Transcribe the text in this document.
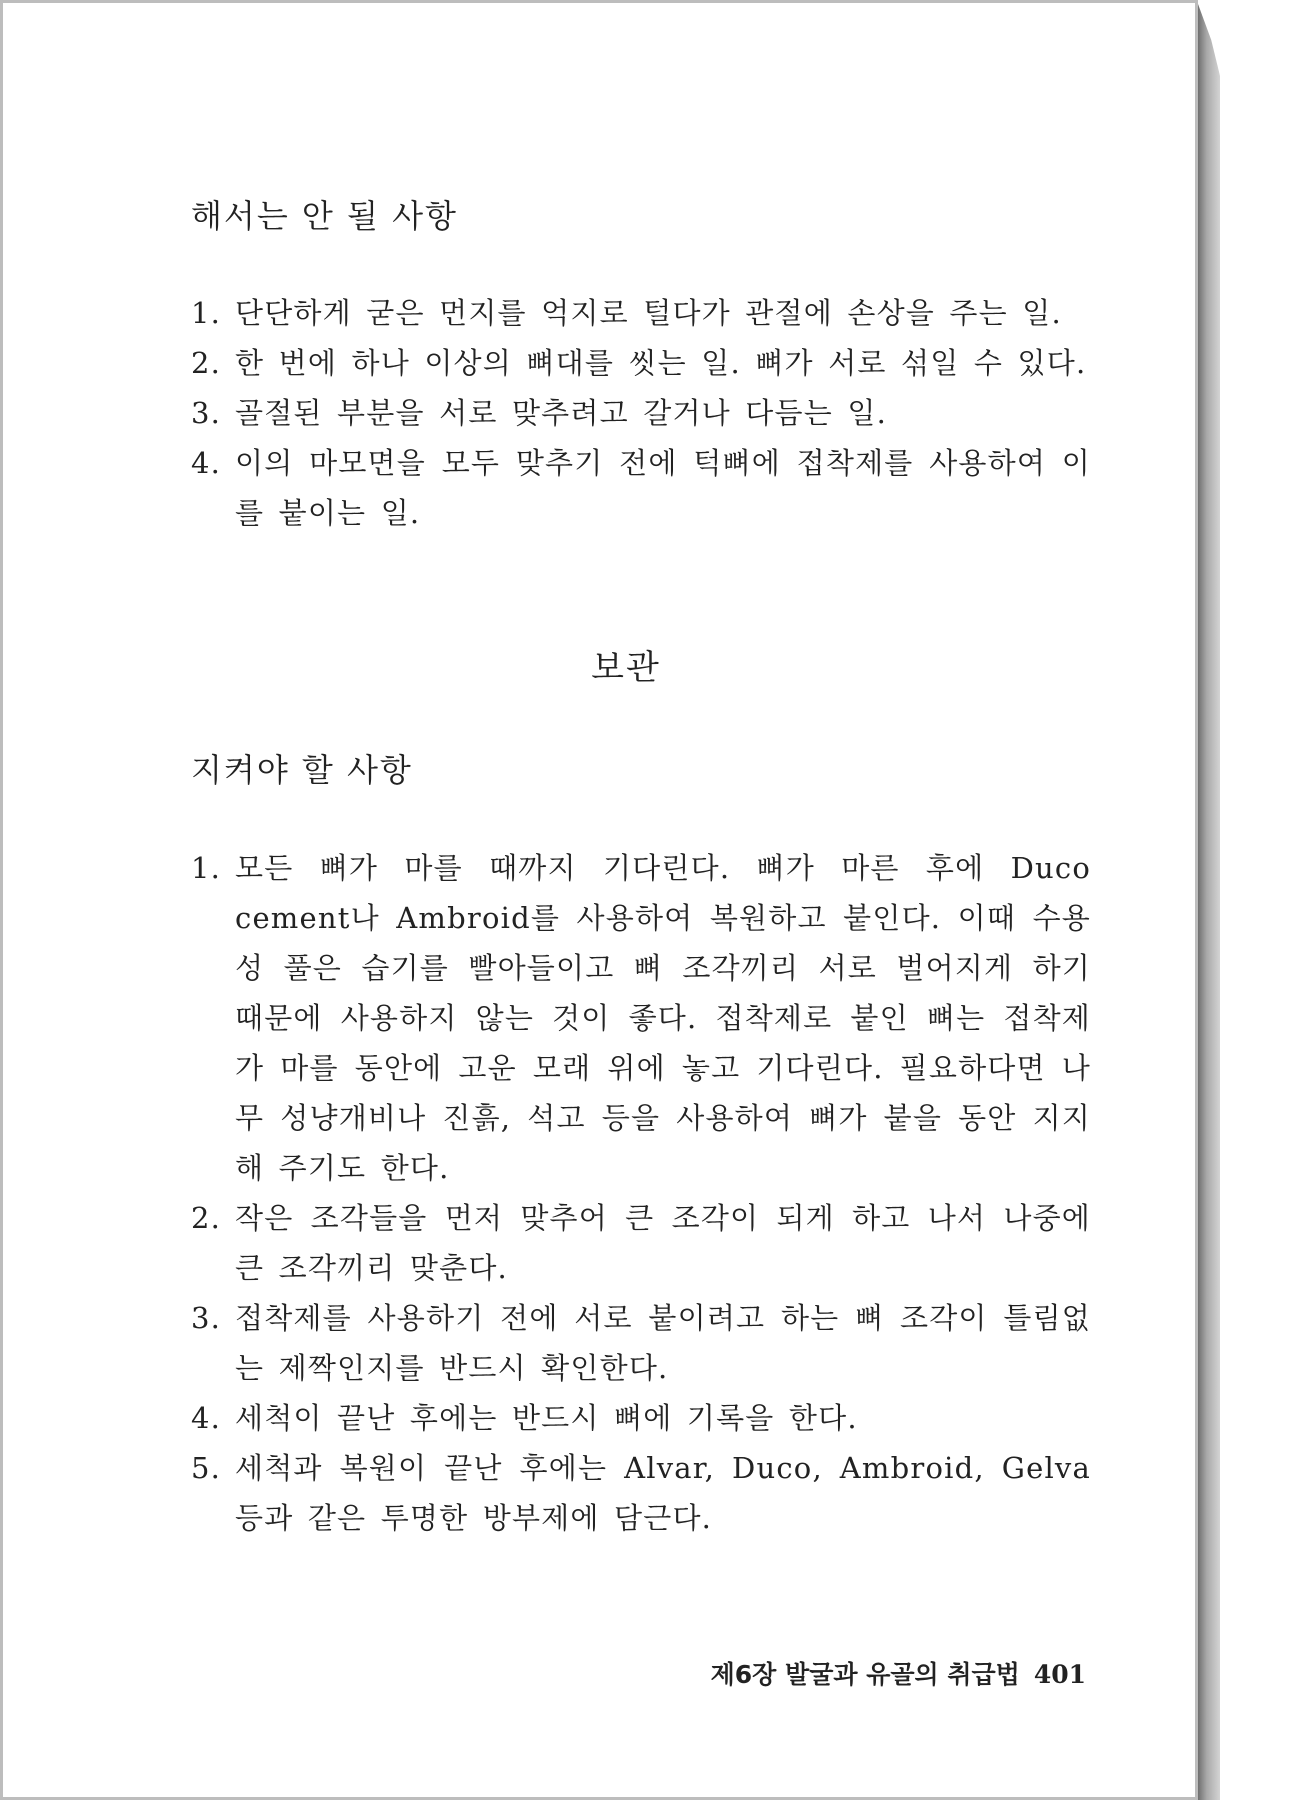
해서는 안 될 사항
1. 단단하게 굳은 먼지를 억지로 털다가 관절에 손상을 주는 일.
2. 한 번에 하나 이상의 뼈대를 씻는 일. 뼈가 서로 섞일 수 있다.
3. 골절된 부분을 서로 맞추려고 갈거나 다듬는 일.
4. 이의 마모면을 모두 맞추기 전에 턱뼈에 접착제를 사용하여 이를 붙이는 일.
보관
지켜야 할 사항
1. 모든 뼈가 마를 때까지 기다린다. 뼈가 마른 후에 Duco cement나 Ambroid를 사용하여 복원하고 붙인다. 이때 수용성 풀은 습기를 빨아들이고 뼈 조각끼리 서로 벌어지게 하기 때문에 사용하지 않는 것이 좋다. 접착제로 붙인 뼈는 접착제가 마를 동안에 고운 모래 위에 놓고 기다린다. 필요하다면 나무 성냥개비나 진흙, 석고 등을 사용하여 뼈가 붙을 동안 지지해 주기도 한다.
2. 작은 조각들을 먼저 맞추어 큰 조각이 되게 하고 나서 나중에 큰 조각끼리 맞춘다.
3. 접착제를 사용하기 전에 서로 붙이려고 하는 뼈 조각이 틀림없는 제짝인지를 반드시 확인한다.
4. 세척이 끝난 후에는 반드시 뼈에 기록을 한다.
5. 세척과 복원이 끝난 후에는 Alvar, Duco, Ambroid, Gelva 등과 같은 투명한 방부제에 담근다.
제6장 발굴과 유골의 취급법 401
